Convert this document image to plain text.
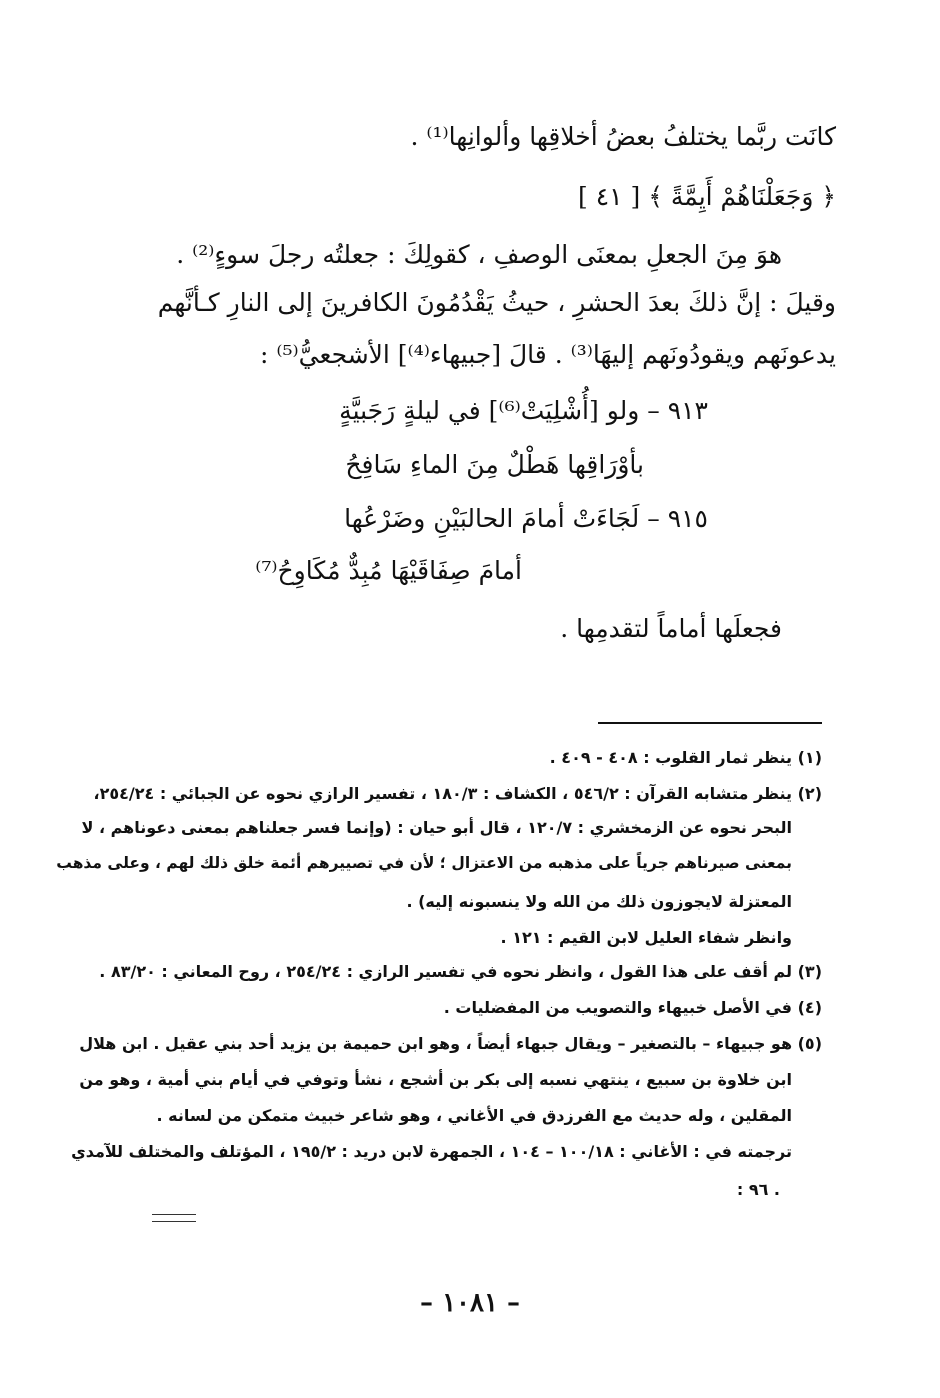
كانَت ربَّما يختلفُ بعضُ أخلاقِها وألوانِها⁽¹⁾ .
﴿ وَجَعَلْنَاهُمْ أَيِمَّةً ﴾ [ ٤١ ]
هوَ مِنَ الجعلِ بمعنَى الوصفِ ، كقولِكَ : جعلتُه رجلَ سوءٍ⁽²⁾ .
وقيلَ : إنَّ ذلكَ بعدَ الحشرِ ، حيثُ يَقْدُمُونَ الكافرينَ إلى النارِ كـأنَّهم
يدعونَهم ويقودُونَهم إليهَا⁽³⁾ . قالَ [جبيهاء⁽⁴⁾] الأشجعيُّ⁽⁵⁾ :
٩١٣ – ولو [أُشْلِيَتْ⁽⁶⁾] في ليلةٍ رَجَبيَّةٍ
بأوْرَاقِها هَطْلٌ مِنَ الماءِ سَافِحُ
٩١٥ – لَجَاءَتْ أمامَ الحالبَيْنِ وضَرْعُها
أمامَ صِفَاقَيْهَا مُبِدٌّ مُكَاوِحُ⁽⁷⁾
فجعلَها أماماً لتقدمِها .
(١) ينظر ثمار القلوب : ٤٠٨ - ٤٠٩ .
(٢) ينظر متشابه القرآن : ٥٤٦/٢ ، الكشاف : ١٨٠/٣ ، تفسير الرازي نحوه عن الجبائي : ٢٥٤/٢٤،
البحر نحوه عن الزمخشري : ١٢٠/٧ ، قال أبو حيان : (وإنما فسر جعلناهم بمعنى دعوناهم ، لا
بمعنى صيرناهم جرياً على مذهبه من الاعتزال ؛ لأن في تصييرهم أئمة خلق ذلك لهم ، وعلى مذهب
المعتزلة لايجوزون ذلك من الله ولا ينسبونه إليه) .
وانظر شفاء العليل لابن القيم : ١٢١ .
(٣) لم أقف على هذا القول ، وانظر نحوه في تفسير الرازي : ٢٥٤/٢٤ ، روح المعاني : ٨٣/٢٠ .
(٤) في الأصل خبيهاء والتصويب من المفضليات .
(٥) هو جبيهاء – بالتصغير – ويقال جبهاء أيضاً ، وهو ابن حميمة بن يزيد أحد بني عقيل . ابن هلال
ابن خلاوة بن سبيع ، ينتهي نسبه إلى بكر بن أشجع ، نشأ وتوفي في أيام بني أمية ، وهو من
المقلين ، وله حديث مع الفرزدق في الأغاني ، وهو شاعر خبيث متمكن من لسانه .
ترجمته في : الأغاني : ١٠٠/١٨ – ١٠٤ ، الجمهرة لابن دريد : ١٩٥/٢ ، المؤتلف والمختلف للآمدي
: ٩٦ .
– ١٠٨١ –
